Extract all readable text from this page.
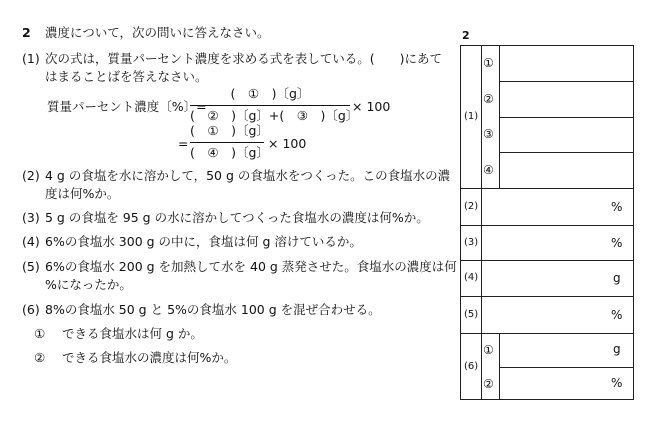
2 濃度について，次の問いに答えなさい。
(1) 次の式は，質量パーセント濃度を求める式を表している。(　　)にあて
はまることばを答えなさい。
質量パーセント濃度〔%〕=
(　①　)〔g〕
(　②　)〔g〕+(　③　)〔g〕
× 100
=
(　①　)〔g〕
(　④　)〔g〕
× 100
(2) 4 g の食塩を水に溶かして，50 g の食塩水をつくった。この食塩水の濃
度は何%か。
(3) 5 g の食塩を 95 g の水に溶かしてつくった食塩水の濃度は何%か。
(4) 6%の食塩水 300 g の中に，食塩は何 g 溶けているか。
(5) 6%の食塩水 200 g を加熱して水を 40 g 蒸発させた。食塩水の濃度は何
%になったか。
(6) 8%の食塩水 50 g と 5%の食塩水 100 g を混ぜ合わせる。
① できる食塩水は何 g か。
② できる食塩水の濃度は何%か。
2
(1)
①
②
③
④
(2)	%
(3)	%
(4)	g
(5)	%
(6)
①	g
②	%
